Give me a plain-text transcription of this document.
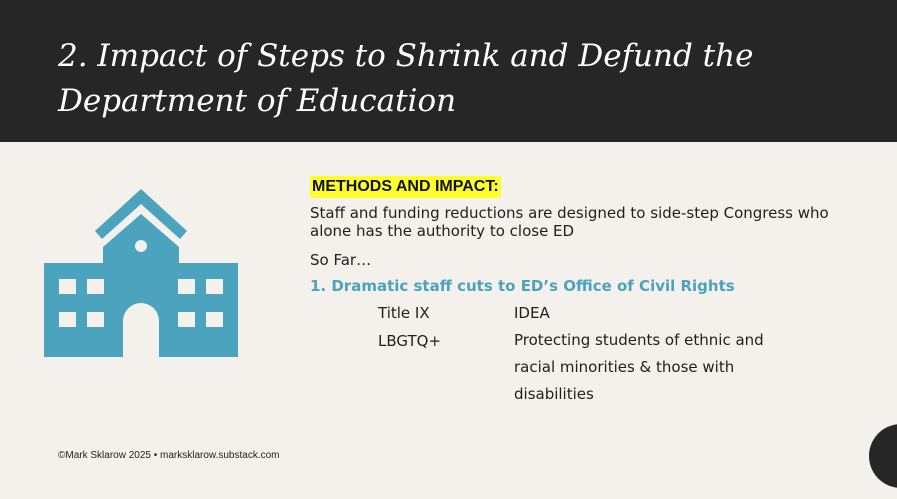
2. Impact of Steps to Shrink and Defund the Department of Education
METHODS AND IMPACT:
Staff and funding reductions are designed to side-step Congress who alone has the authority to close ED
So Far…
1. Dramatic staff cuts to ED’s Office of Civil Rights
Title IX	IDEA
LBGTQ+	Protecting students of ethnic and racial minorities & those with disabilities
©Mark Sklarow 2025 • marksklarow.substack.com
